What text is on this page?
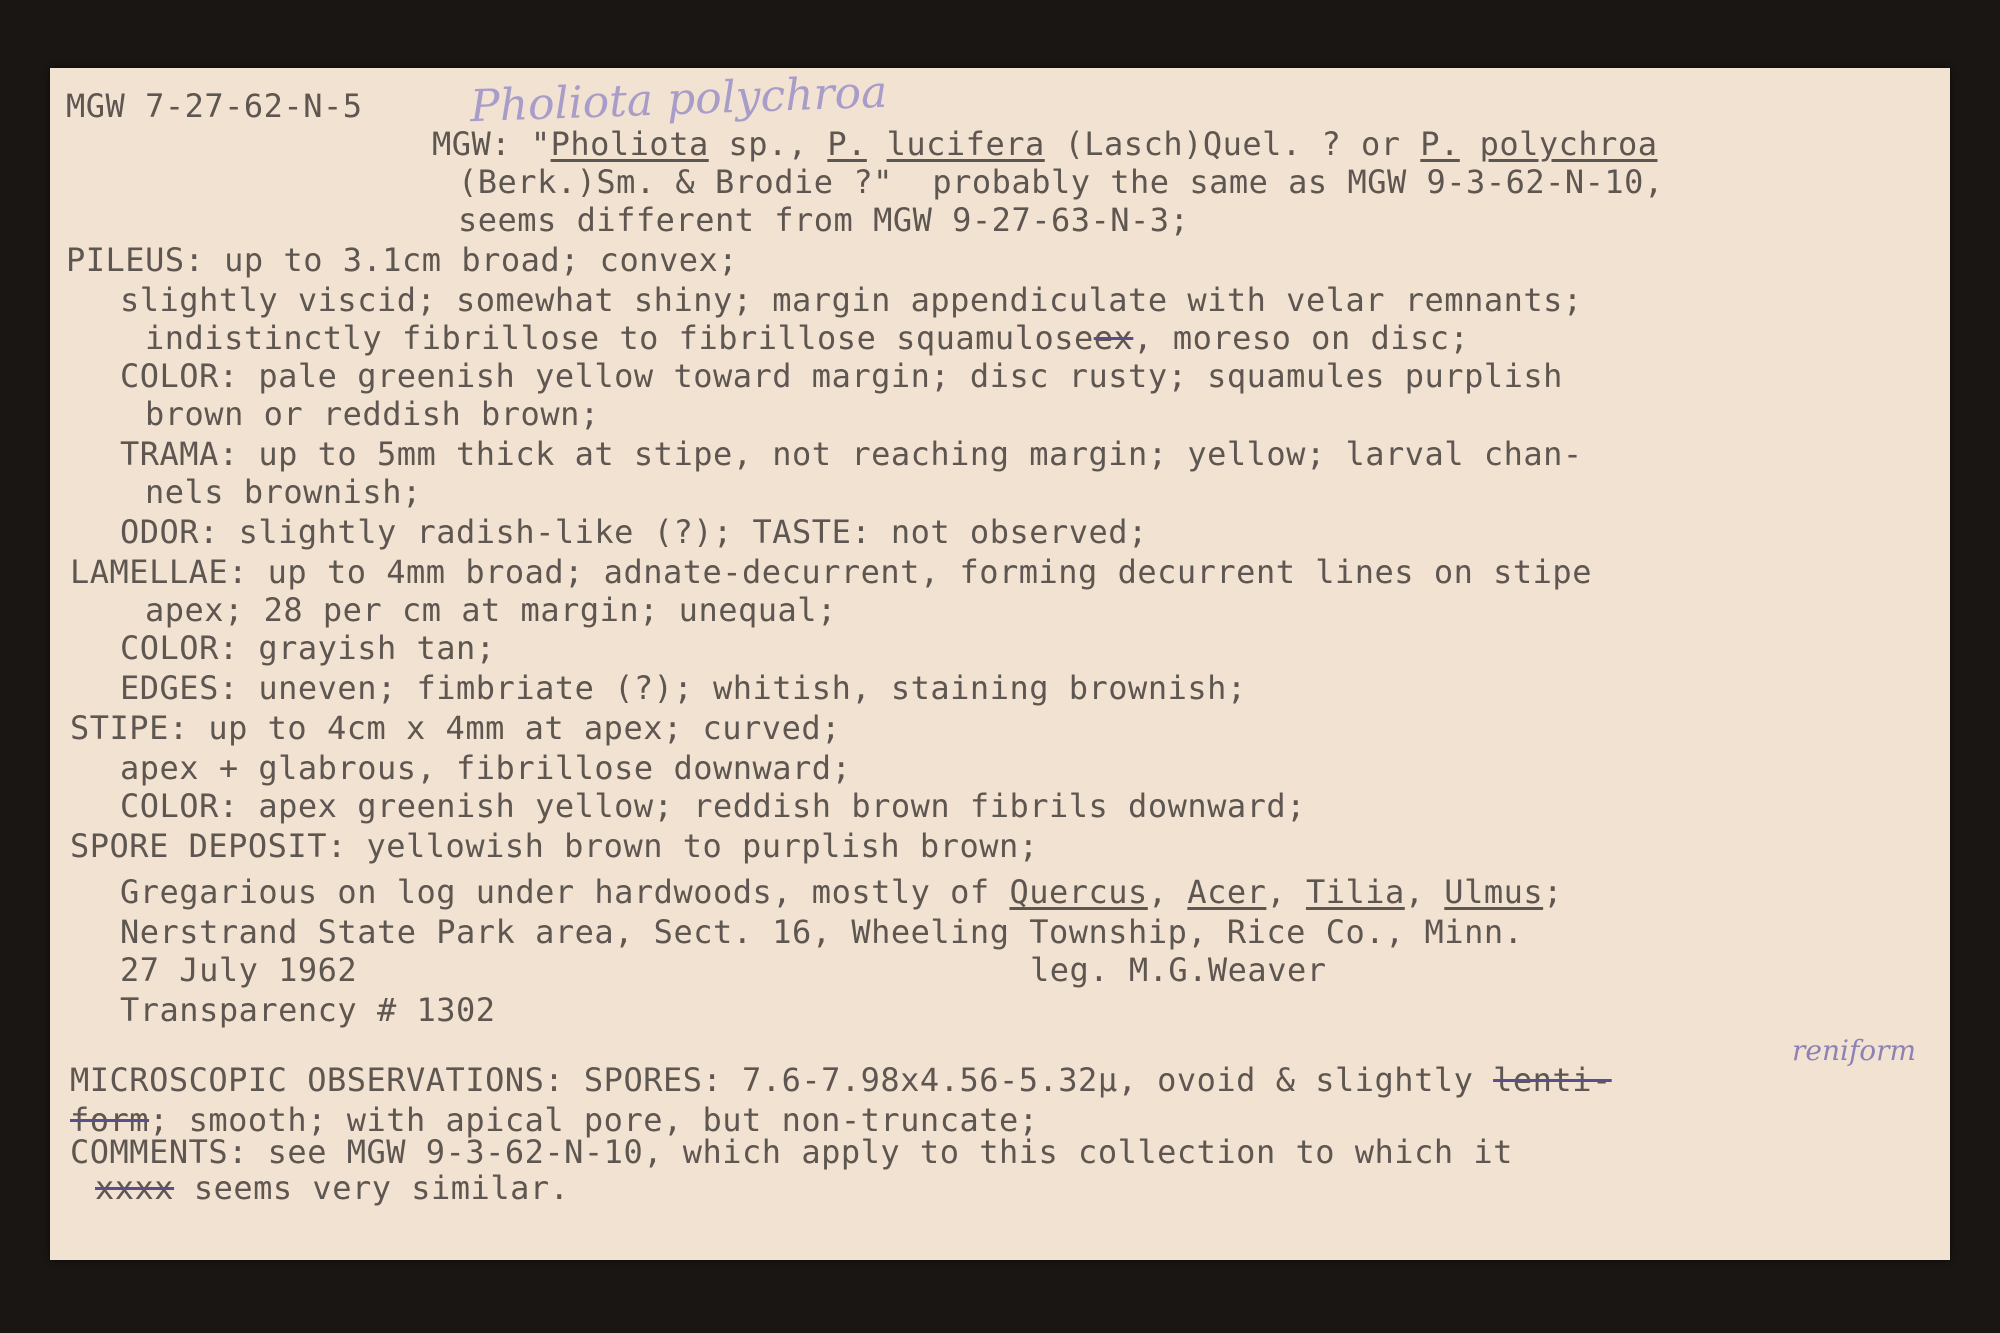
MGW 7-27-62-N-5 Pholiota polychroa
MGW: "Pholiota sp., P. lucifera (Lasch)Quel. ? or P. polychroa
(Berk.)Sm. & Brodie ?"  probably the same as MGW 9-3-62-N-10,
seems different from MGW 9-27-63-N-3;
PILEUS: up to 3.1cm broad; convex;
slightly viscid; somewhat shiny; margin appendiculate with velar remnants;
indistinctly fibrillose to fibrillose squamuloseex, moreso on disc;
COLOR: pale greenish yellow toward margin; disc rusty; squamules purplish
brown or reddish brown;
TRAMA: up to 5mm thick at stipe, not reaching margin; yellow; larval chan-
nels brownish;
ODOR: slightly radish-like (?); TASTE: not observed;
LAMELLAE: up to 4mm broad; adnate-decurrent, forming decurrent lines on stipe
apex; 28 per cm at margin; unequal;
COLOR: grayish tan;
EDGES: uneven; fimbriate (?); whitish, staining brownish;
STIPE: up to 4cm x 4mm at apex; curved;
apex + glabrous, fibrillose downward;
COLOR: apex greenish yellow; reddish brown fibrils downward;
SPORE DEPOSIT: yellowish brown to purplish brown;
Gregarious on log under hardwoods, mostly of Quercus, Acer, Tilia, Ulmus;
Nerstrand State Park area, Sect. 16, Wheeling Township, Rice Co., Minn.
27 July 1962	leg. M.G.Weaver
Transparency # 1302
reniform
MICROSCOPIC OBSERVATIONS: SPORES: 7.6-7.98x4.56-5.32μ, ovoid & slightly lenti-
form; smooth; with apical pore, but non-truncate;
COMMENTS: see MGW 9-3-62-N-10, which apply to this collection to which it
xxxx seems very similar.
